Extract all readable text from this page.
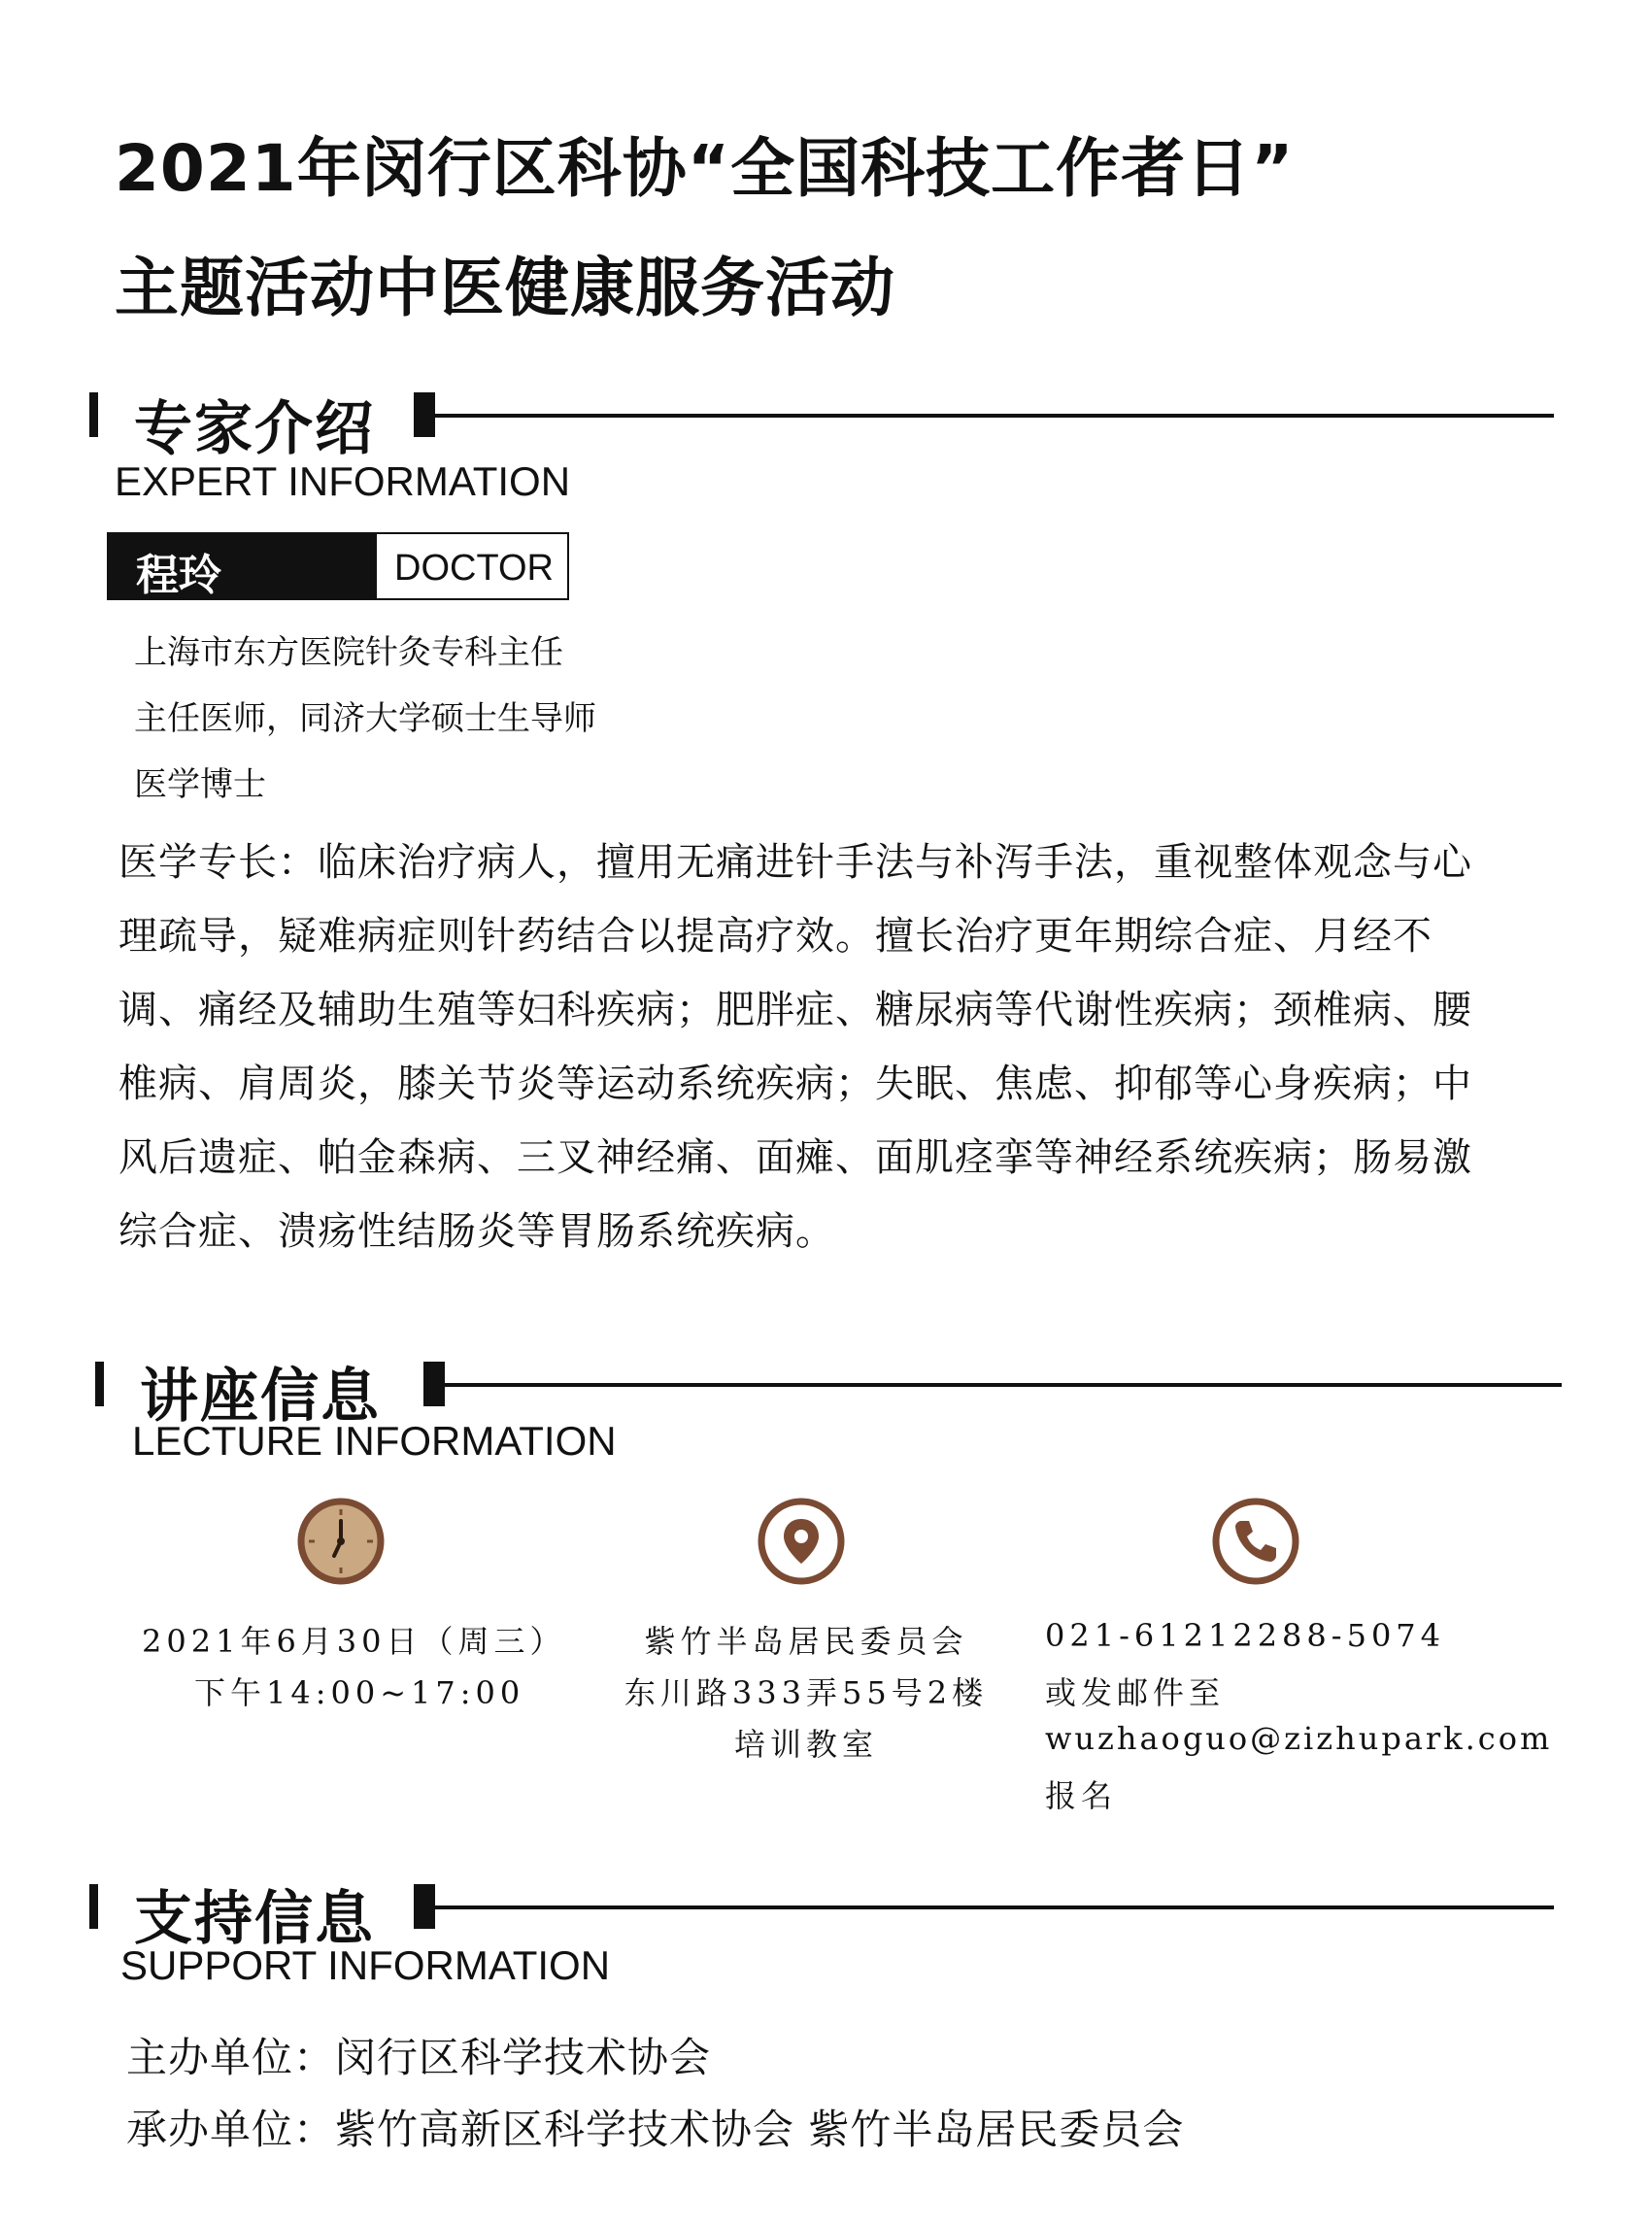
2021年闵行区科协“全国科技工作者日”
主题活动中医健康服务活动
专家介绍
EXPERT INFORMATION
程玲	DOCTOR
上海市东方医院针灸专科主任
主任医师，同济大学硕士生导师
医学博士
医学专长：临床治疗病人，擅用无痛进针手法与补泻手法，重视整体观念与心理疏导，疑难病症则针药结合以提高疗效。擅长治疗更年期综合症、月经不调、痛经及辅助生殖等妇科疾病；肥胖症、糖尿病等代谢性疾病；颈椎病、腰椎病、肩周炎，膝关节炎等运动系统疾病；失眠、焦虑、抑郁等心身疾病；中风后遗症、帕金森病、三叉神经痛、面瘫、面肌痉挛等神经系统疾病；肠易激综合症、溃疡性结肠炎等胃肠系统疾病。
讲座信息
LECTURE INFORMATION
2021年6月30日（周三）
下午14:00~17:00
紫竹半岛居民委员会
东川路333弄55号2楼
培训教室
021-61212288-5074
或发邮件至
wuzhaoguo@zizhupark.com
报名
支持信息
SUPPORT INFORMATION
主办单位：闵行区科学技术协会
承办单位：紫竹高新区科学技术协会 紫竹半岛居民委员会
